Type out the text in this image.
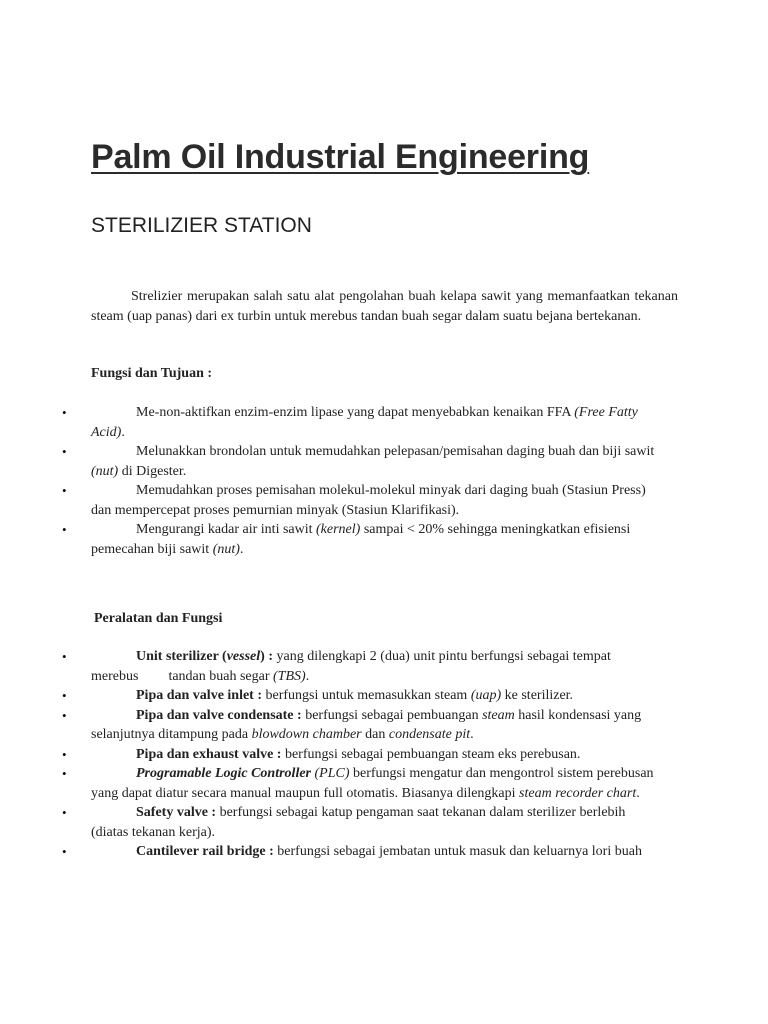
Palm Oil Industrial Engineering
STERILIZIER STATION

Strelizier merupakan salah satu alat pengolahan buah kelapa sawit yang memanfaatkan tekanan steam (uap panas) dari ex turbin untuk merebus tandan buah segar dalam suatu bejana bertekanan.

Fungsi dan Tujuan :

•	Me-non-aktifkan enzim-enzim lipase yang dapat menyebabkan kenaikan FFA (Free Fatty Acid).
•	Melunakkan brondolan untuk memudahkan pelepasan/pemisahan daging buah dan biji sawit (nut) di Digester.
•	Memudahkan proses pemisahan molekul-molekul minyak dari daging buah (Stasiun Press) dan mempercepat proses pemurnian minyak (Stasiun Klarifikasi).
•	Mengurangi kadar air inti sawit (kernel) sampai < 20% sehingga meningkatkan efisiensi pemecahan biji sawit (nut).

Peralatan dan Fungsi

•	Unit sterilizer (vessel) : yang dilengkapi 2 (dua) unit pintu berfungsi sebagai tempat merebus tandan buah segar (TBS).
•	Pipa dan valve inlet : berfungsi untuk memasukkan steam (uap) ke sterilizer.
•	Pipa dan valve condensate : berfungsi sebagai pembuangan steam hasil kondensasi yang selanjutnya ditampung pada blowdown chamber dan condensate pit.
•	Pipa dan exhaust valve : berfungsi sebagai pembuangan steam eks perebusan.
•	Programable Logic Controller (PLC) berfungsi mengatur dan mengontrol sistem perebusan yang dapat diatur secara manual maupun full otomatis. Biasanya dilengkapi steam recorder chart.
•	Safety valve : berfungsi sebagai katup pengaman saat tekanan dalam sterilizer berlebih (diatas tekanan kerja).
•	Cantilever rail bridge : berfungsi sebagai jembatan untuk masuk dan keluarnya lori buah
